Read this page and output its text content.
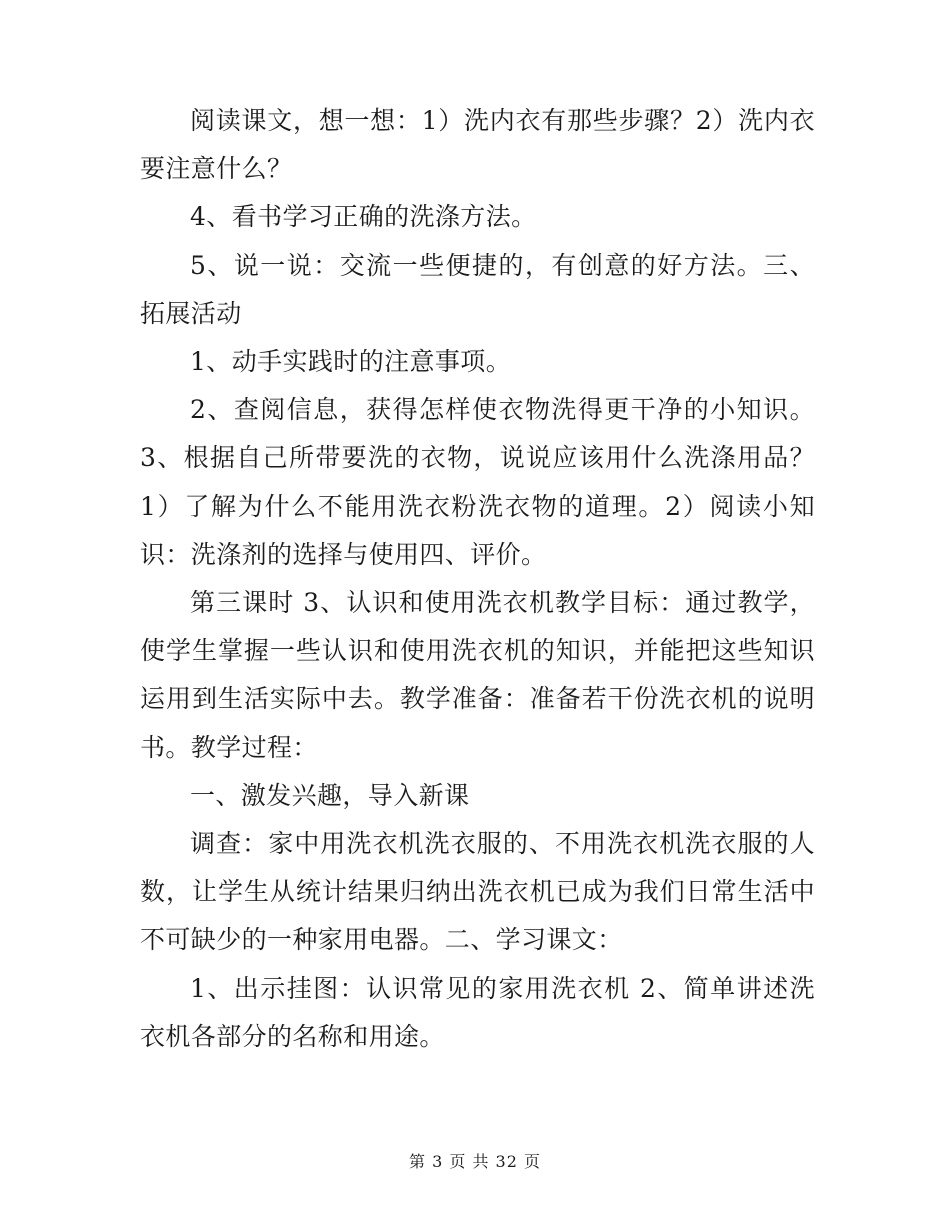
阅读课文，想一想：1）洗内衣有那些步骤？2）洗内衣要注意什么？

4、看书学习正确的洗涤方法。

5、说一说：交流一些便捷的，有创意的好方法。三、拓展活动

1、动手实践时的注意事项。

2、查阅信息，获得怎样使衣物洗得更干净的小知识。3、根据自己所带要洗的衣物，说说应该用什么洗涤用品？1）了解为什么不能用洗衣粉洗衣物的道理。2）阅读小知识：洗涤剂的选择与使用四、评价。

第三课时 3、认识和使用洗衣机教学目标：通过教学，使学生掌握一些认识和使用洗衣机的知识，并能把这些知识运用到生活实际中去。教学准备：准备若干份洗衣机的说明书。教学过程：

一、激发兴趣，导入新课

调查：家中用洗衣机洗衣服的、不用洗衣机洗衣服的人数，让学生从统计结果归纳出洗衣机已成为我们日常生活中不可缺少的一种家用电器。二、学习课文：

1、出示挂图：认识常见的家用洗衣机 2、简单讲述洗衣机各部分的名称和用途。

第 3 页 共 32 页
